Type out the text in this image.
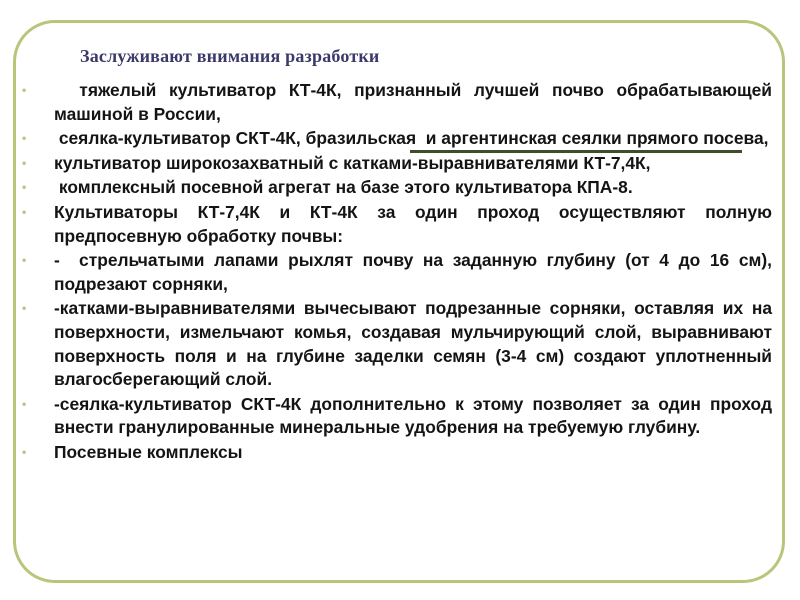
Заслуживают внимания разработки
• тяжелый культиватор КТ-4К, признанный лучшей почво обрабатывающей машиной в России,
• сеялка-культиватор СКТ-4К, бразильская  и аргентинская сеялки прямого посева,
• культиватор широкозахватный с катками-выравнивателями КТ-7,4К,
• комплексный посевной агрегат на базе этого культиватора КПА-8.
• Культиваторы КТ-7,4К и КТ-4К за один проход осуществляют полную предпосевную обработку почвы:
• -  стрельчатыми лапами рыхлят почву на заданную глубину (от 4 до 16 см), подрезают сорняки,
• -катками-выравнивателями вычесывают подрезанные сорняки, оставляя их на поверхности, измельчают комья, создавая мульчирующий слой, выравнивают поверхность поля и на глубине заделки семян (3-4 см) создают уплотненный влагосберегающий слой.
• -сеялка-культиватор СКТ-4К дополнительно к этому позволяет за один проход внести гранулированные минеральные удобрения на требуемую глубину.
• Посевные комплексы
